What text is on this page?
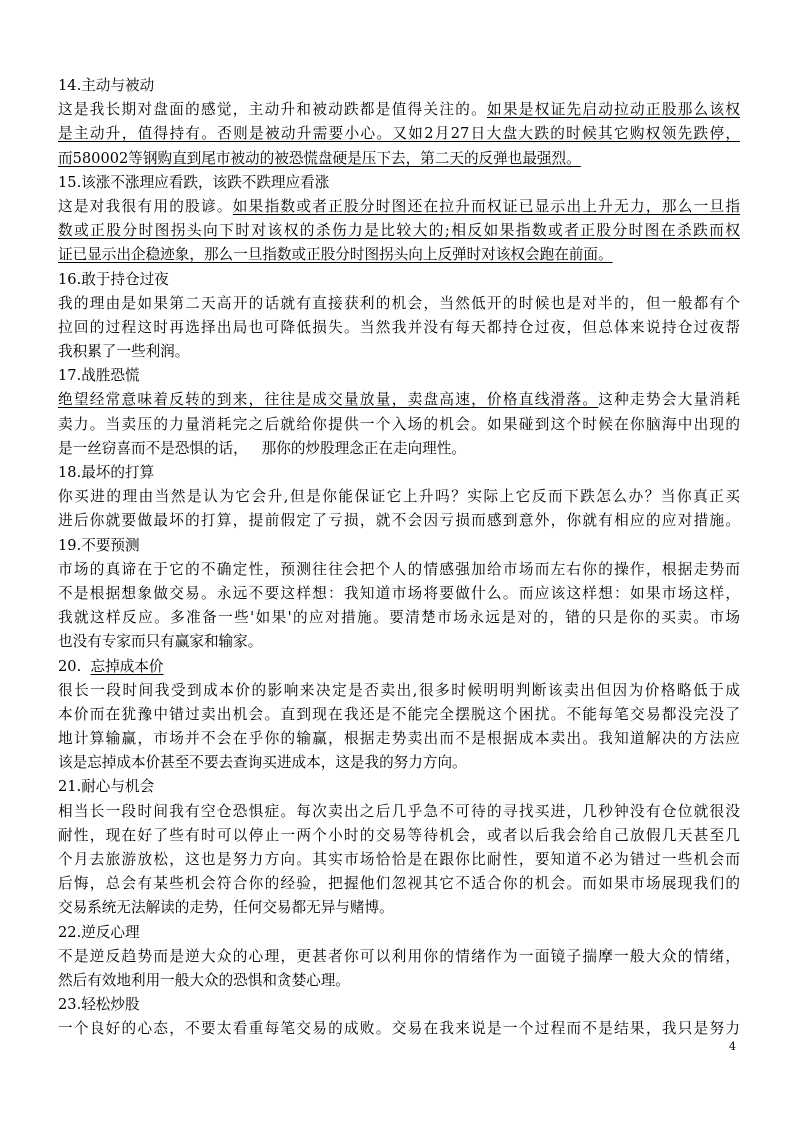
14.主动与被动
这是我长期对盘面的感觉，主动升和被动跌都是值得关注的。如果是权证先启动拉动正股那么该权
是主动升，值得持有。否则是被动升需要小心。又如2月27日大盘大跌的时候其它购权领先跌停，
而580002等钢购直到尾市被动的被恐慌盘硬是压下去，第二天的反弹也最强烈。
15.该涨不涨理应看跌，该跌不跌理应看涨
这是对我很有用的股谚。如果指数或者正股分时图还在拉升而权证已显示出上升无力，那么一旦指
数或正股分时图拐头向下时对该权的杀伤力是比较大的;相反如果指数或者正股分时图在杀跌而权
证已显示出企稳迹象，那么一旦指数或正股分时图拐头向上反弹时对该权会跑在前面。
16.敢于持仓过夜
我的理由是如果第二天高开的话就有直接获利的机会，当然低开的时候也是对半的，但一般都有个
拉回的过程这时再选择出局也可降低损失。当然我并没有每天都持仓过夜，但总体来说持仓过夜帮
我积累了一些利润。
17.战胜恐慌
绝望经常意味着反转的到来，往往是成交量放量，卖盘高速，价格直线滑落。这种走势会大量消耗
卖力。当卖压的力量消耗完之后就给你提供一个入场的机会。如果碰到这个时候在你脑海中出现的
是一丝窃喜而不是恐惧的话，   那你的炒股理念正在走向理性。
18.最坏的打算
你买进的理由当然是认为它会升,但是你能保证它上升吗？实际上它反而下跌怎么办？当你真正买
进后你就要做最坏的打算，提前假定了亏损，就不会因亏损而感到意外，你就有相应的应对措施。
19.不要预测
市场的真谛在于它的不确定性，预测往往会把个人的情感强加给市场而左右你的操作，根据走势而
不是根据想象做交易。永远不要这样想：我知道市场将要做什么。而应该这样想：如果市场这样，
我就这样反应。多准备一些'如果'的应对措施。要清楚市场永远是对的，错的只是你的买卖。市场
也没有专家而只有赢家和输家。
20.  忘掉成本价
很长一段时间我受到成本价的影响来决定是否卖出,很多时候明明判断该卖出但因为价格略低于成
本价而在犹豫中错过卖出机会。直到现在我还是不能完全摆脱这个困扰。不能每笔交易都没完没了
地计算输赢，市场并不会在乎你的输赢，根据走势卖出而不是根据成本卖出。我知道解决的方法应
该是忘掉成本价甚至不要去查询买进成本，这是我的努力方向。
21.耐心与机会
相当长一段时间我有空仓恐惧症。每次卖出之后几乎急不可待的寻找买进，几秒钟没有仓位就很没
耐性，现在好了些有时可以停止一两个小时的交易等待机会，或者以后我会给自己放假几天甚至几
个月去旅游放松，这也是努力方向。其实市场恰恰是在跟你比耐性，要知道不必为错过一些机会而
后悔，总会有某些机会符合你的经验，把握他们忽视其它不适合你的机会。而如果市场展现我们的
交易系统无法解读的走势，任何交易都无异与赌博。
22.逆反心理
不是逆反趋势而是逆大众的心理，更甚者你可以利用你的情绪作为一面镜子揣摩一般大众的情绪，
然后有效地利用一般大众的恐惧和贪婪心理。
23.轻松炒股
一个良好的心态，不要太看重每笔交易的成败。交易在我来说是一个过程而不是结果，我只是努力
4
